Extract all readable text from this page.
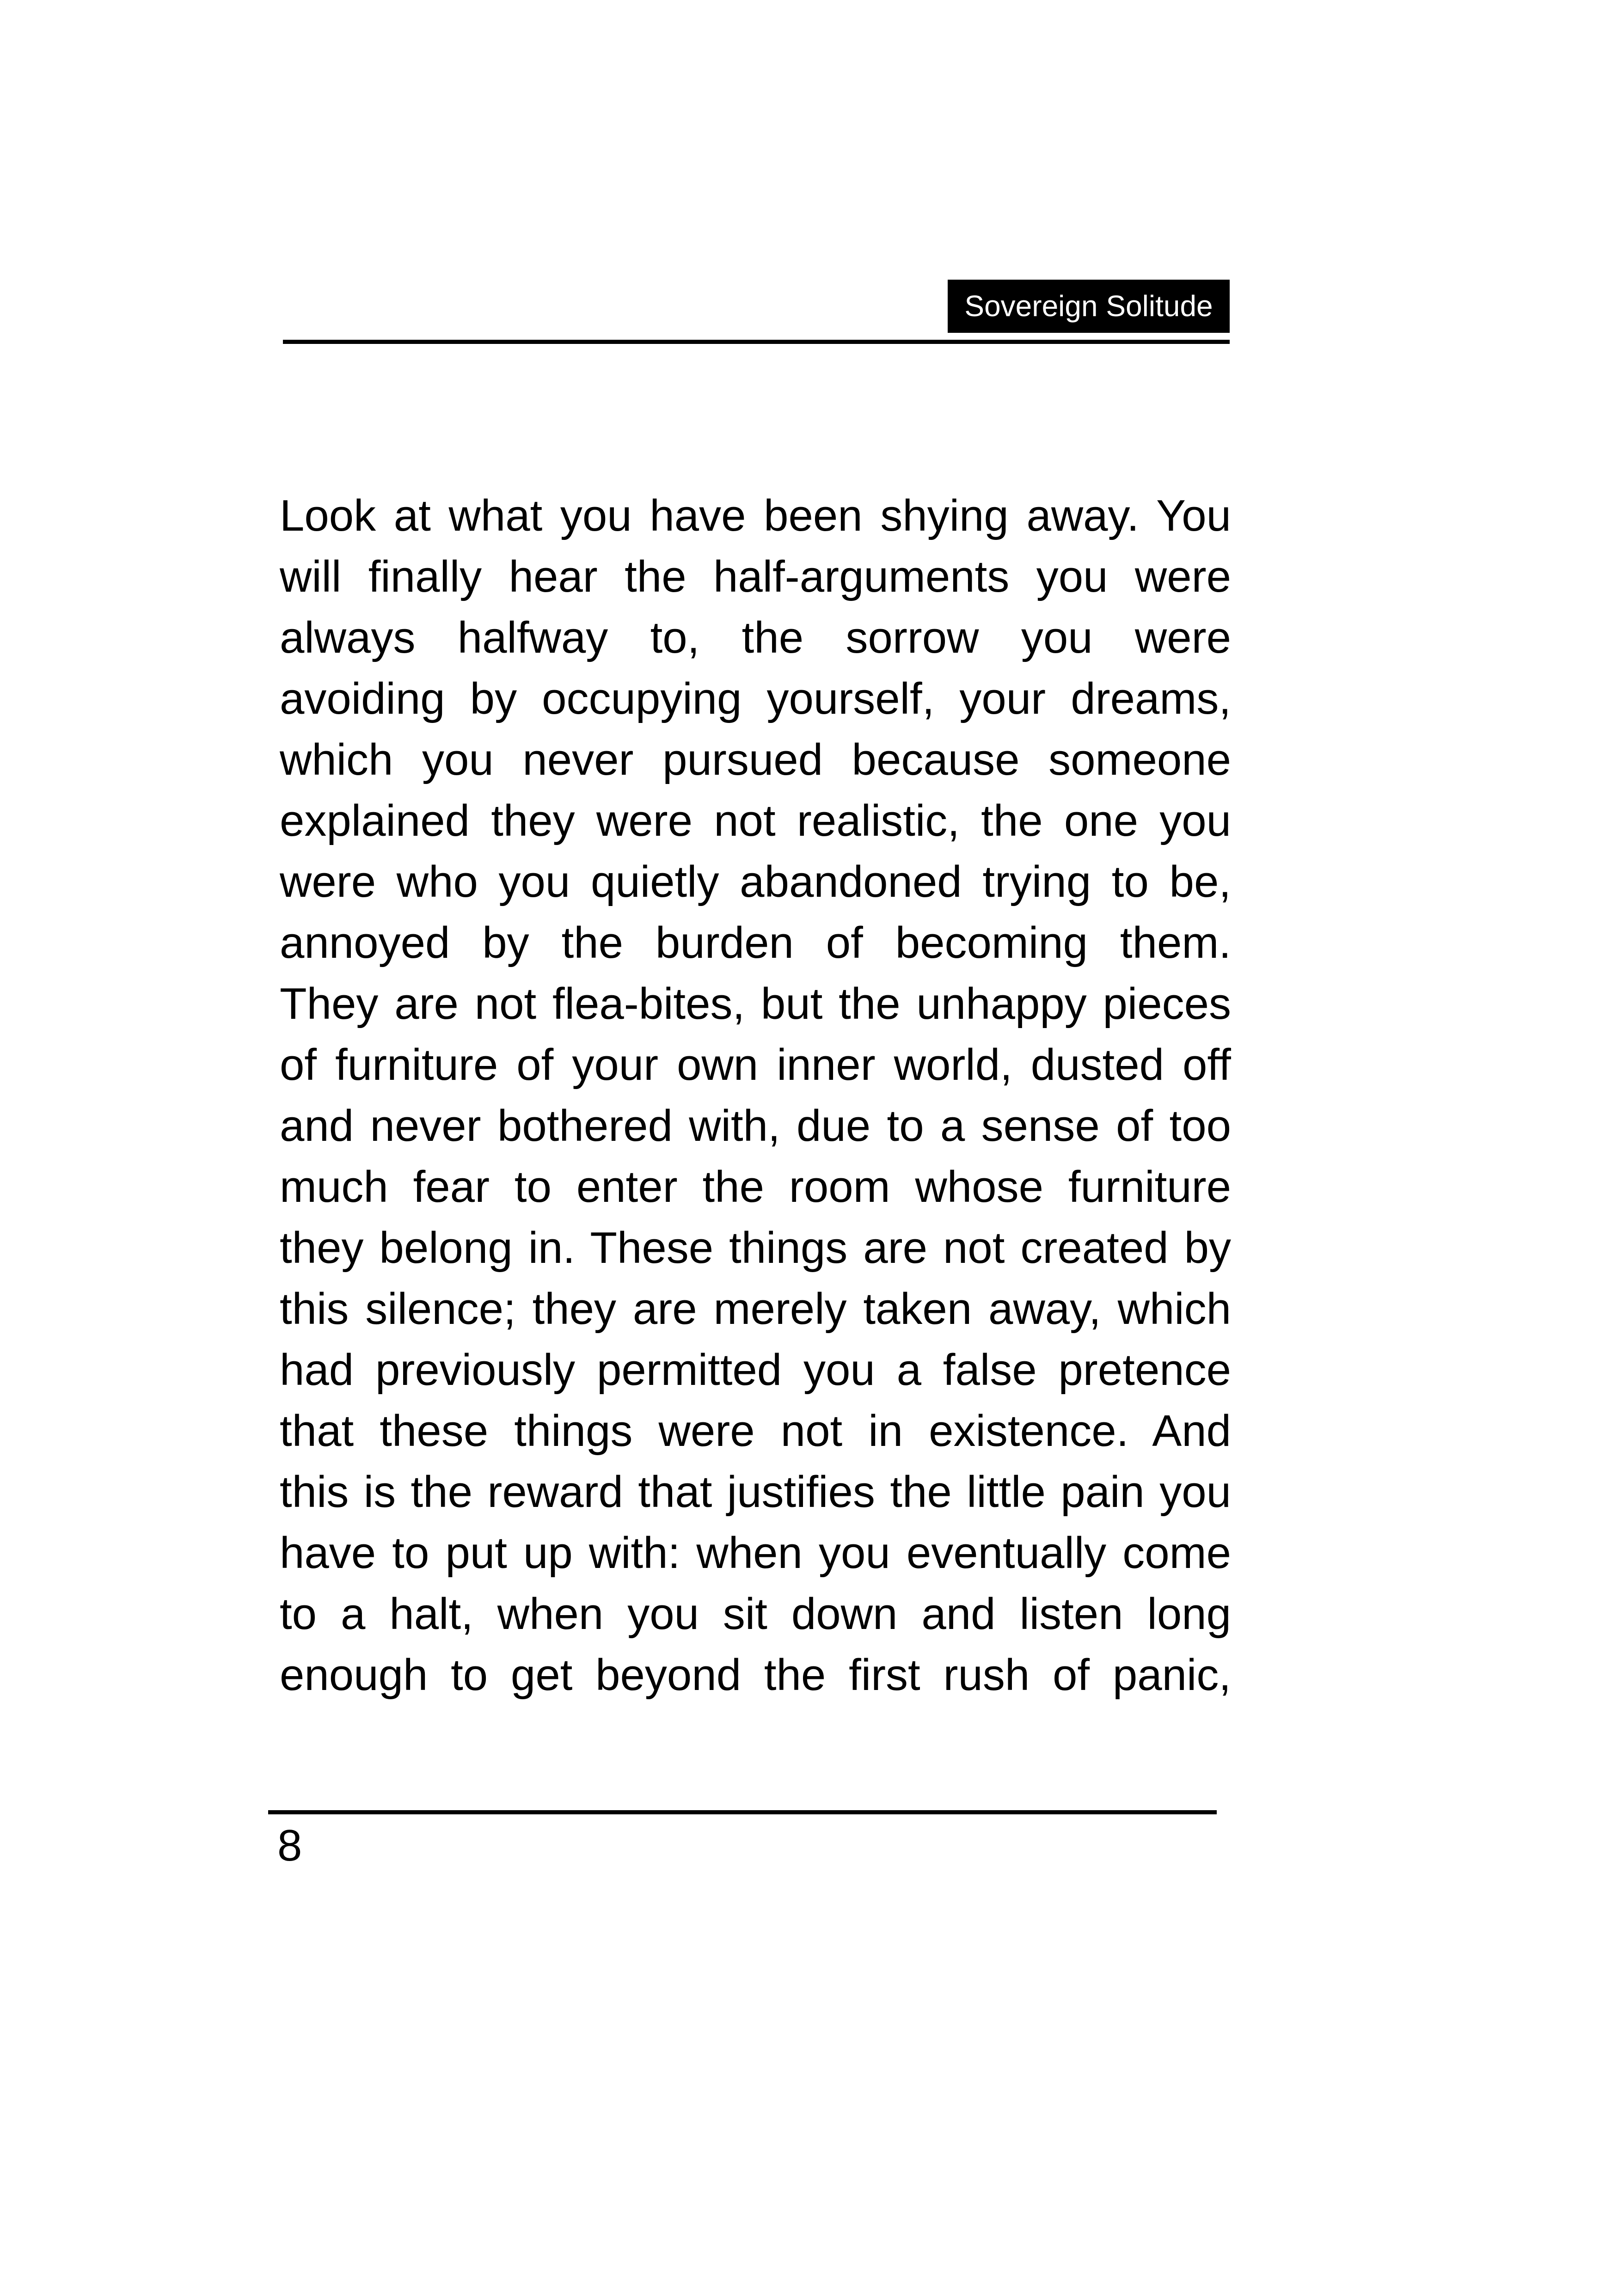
Sovereign Solitude
Look at what you have been shying away. You
will finally hear the half-arguments you were
always halfway to, the sorrow you were
avoiding by occupying yourself, your dreams,
which you never pursued because someone
explained they were not realistic, the one you
were who you quietly abandoned trying to be,
annoyed by the burden of becoming them.
They are not flea-bites, but the unhappy pieces
of furniture of your own inner world, dusted off
and never bothered with, due to a sense of too
much fear to enter the room whose furniture
they belong in. These things are not created by
this silence; they are merely taken away, which
had previously permitted you a false pretence
that these things were not in existence. And
this is the reward that justifies the little pain you
have to put up with: when you eventually come
to a halt, when you sit down and listen long
enough to get beyond the first rush of panic,
8
